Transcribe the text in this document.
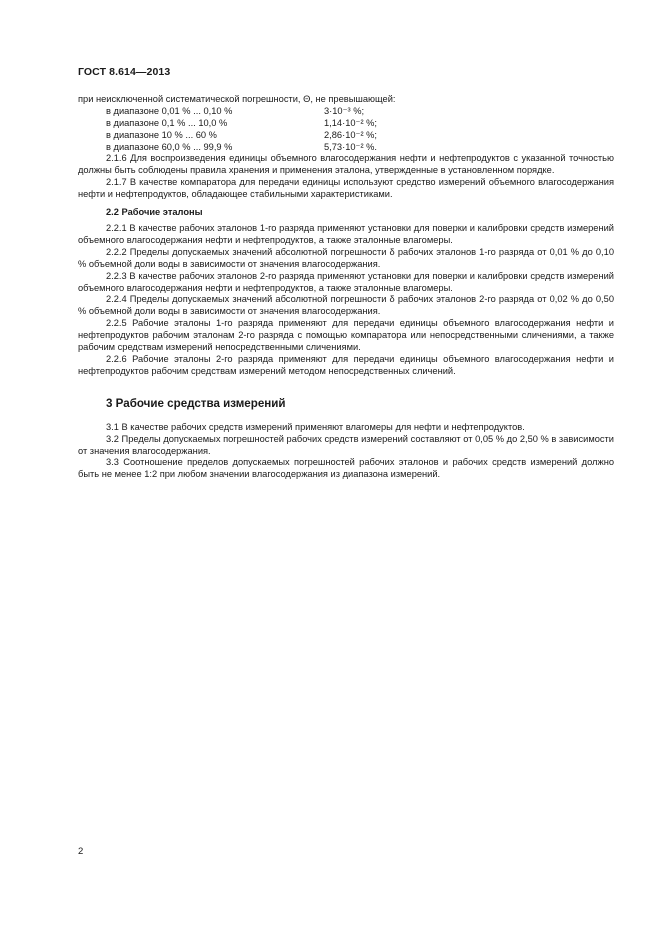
ГОСТ 8.614—2013

при неисключенной систематической погрешности, Θ, не превышающей:

в диапазоне 0,01 % ... 0,10 %	3·10⁻³ %;
в диапазоне 0,1 % ... 10,0 %	1,14·10⁻² %;
в диапазоне 10 % ... 60 %	2,86·10⁻² %;
в диапазоне 60,0 % ... 99,9 %	5,73·10⁻² %.

2.1.6 Для воспроизведения единицы объемного влагосодержания нефти и нефтепродуктов с указанной точностью должны быть соблюдены правила хранения и применения эталона, утвержденные в установленном порядке.

2.1.7 В качестве компаратора для передачи единицы используют средство измерений объемного влагосодержания нефти и нефтепродуктов, обладающее стабильными характеристиками.

2.2 Рабочие эталоны

2.2.1 В качестве рабочих эталонов 1-го разряда применяют установки для поверки и калибровки средств измерений объемного влагосодержания нефти и нефтепродуктов, а также эталонные влагомеры.

2.2.2 Пределы допускаемых значений абсолютной погрешности δ рабочих эталонов 1-го разряда от 0,01 % до 0,10 % объемной доли воды в зависимости от значения влагосодержания.

2.2.3 В качестве рабочих эталонов 2-го разряда применяют установки для поверки и калибровки средств измерений объемного влагосодержания нефти и нефтепродуктов, а также эталонные влагомеры.

2.2.4 Пределы допускаемых значений абсолютной погрешности δ рабочих эталонов 2-го разряда от 0,02 % до 0,50 % объемной доли воды в зависимости от значения влагосодержания.

2.2.5 Рабочие эталоны 1-го разряда применяют для передачи единицы объемного влагосодержания нефти и нефтепродуктов рабочим эталонам 2-го разряда с помощью компаратора или непосредственными сличениями, а также рабочим средствам измерений непосредственными сличениями.

2.2.6 Рабочие эталоны 2-го разряда применяют для передачи единицы объемного влагосодержания нефти и нефтепродуктов рабочим средствам измерений методом непосредственных сличений.

3 Рабочие средства измерений

3.1 В качестве рабочих средств измерений применяют влагомеры для нефти и нефтепродуктов.

3.2 Пределы допускаемых погрешностей рабочих средств измерений составляют от 0,05 % до 2,50 % в зависимости от значения влагосодержания.

3.3 Соотношение пределов допускаемых погрешностей рабочих эталонов и рабочих средств измерений должно быть не менее 1:2 при любом значении влагосодержания из диапазона измерений.

2
